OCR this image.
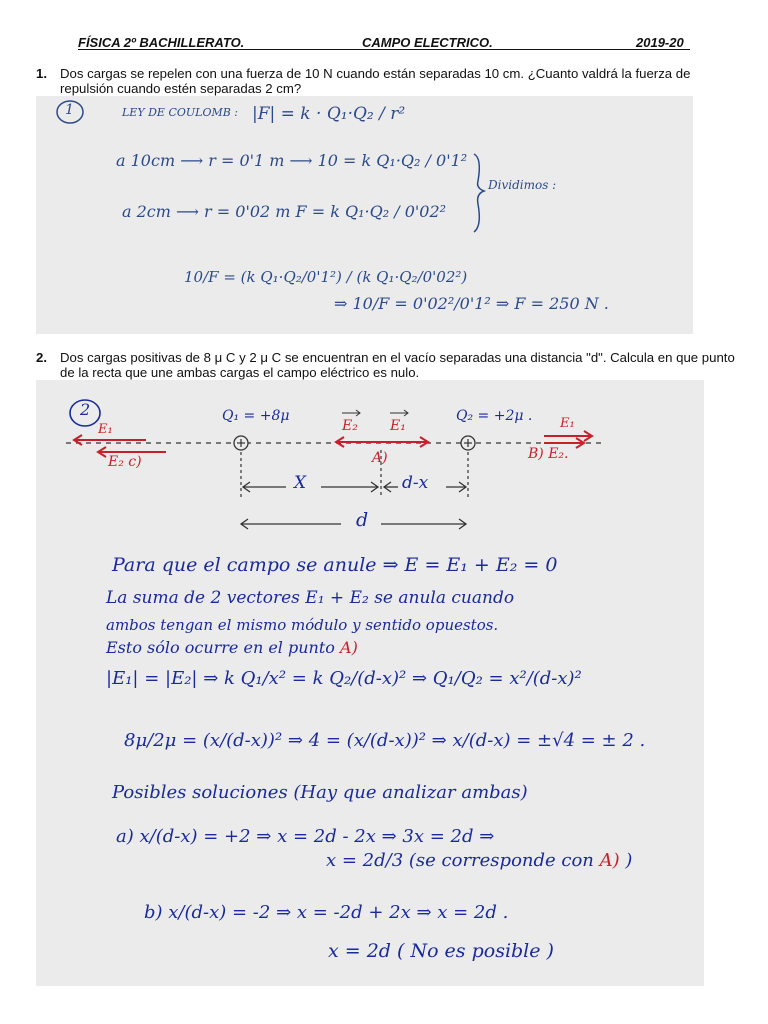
FÍSICA 2º BACHILLERATO.	CAMPO ELECTRICO.	2019-20
1. Dos cargas se repelen con una fuerza de 10 N cuando están separadas 10 cm. ¿Cuanto valdrá la fuerza de repulsión cuando estén separadas 2 cm?
1	LEY DE COULOMB : |F| = k · Q₁·Q₂ / r²
a 10cm ⟶ r = 0'1 m ⟶ 10 = k Q₁·Q₂ / 0'1²
a 2cm ⟶ r = 0'02 m F = k Q₁·Q₂ / 0'02²
Dividimos :
10/F = (k Q₁·Q₂/0'1²) / (k Q₁·Q₂/0'02²)
⇒ 10/F = 0'02²/0'1² ⇒ F = 250 N .
2. Dos cargas positivas de 8 μ C y 2 μ C se encuentran en el vacío separadas una distancia "d". Calcula en que punto de la recta que une ambas cargas el campo eléctrico es nulo.
2	Q₁ = +8μ	Q₂ = +2μ .
E₁
E₂ c)
E₂ E₁
A)
E₁
B) E₂.
X	d-x
d
Para que el campo se anule ⇒ E = E₁ + E₂ = 0
La suma de 2 vectores E₁ + E₂ se anula cuando
ambos tengan el mismo módulo y sentido opuestos.
Esto sólo ocurre en el punto A)
|E₁| = |E₂| ⇒ k Q₁/x² = k Q₂/(d-x)² ⇒ Q₁/Q₂ = x²/(d-x)²
8μ/2μ = (x/(d-x))² ⇒ 4 = (x/(d-x))² ⇒ x/(d-x) = ±√4 = ± 2 .
Posibles soluciones (Hay que analizar ambas)
a) x/(d-x) = +2 ⇒ x = 2d - 2x ⇒ 3x = 2d ⇒
x = 2d/3 (se corresponde con A) )
b) x/(d-x) = -2 ⇒ x = -2d + 2x ⇒ x = 2d .
x = 2d ( No es posible )
